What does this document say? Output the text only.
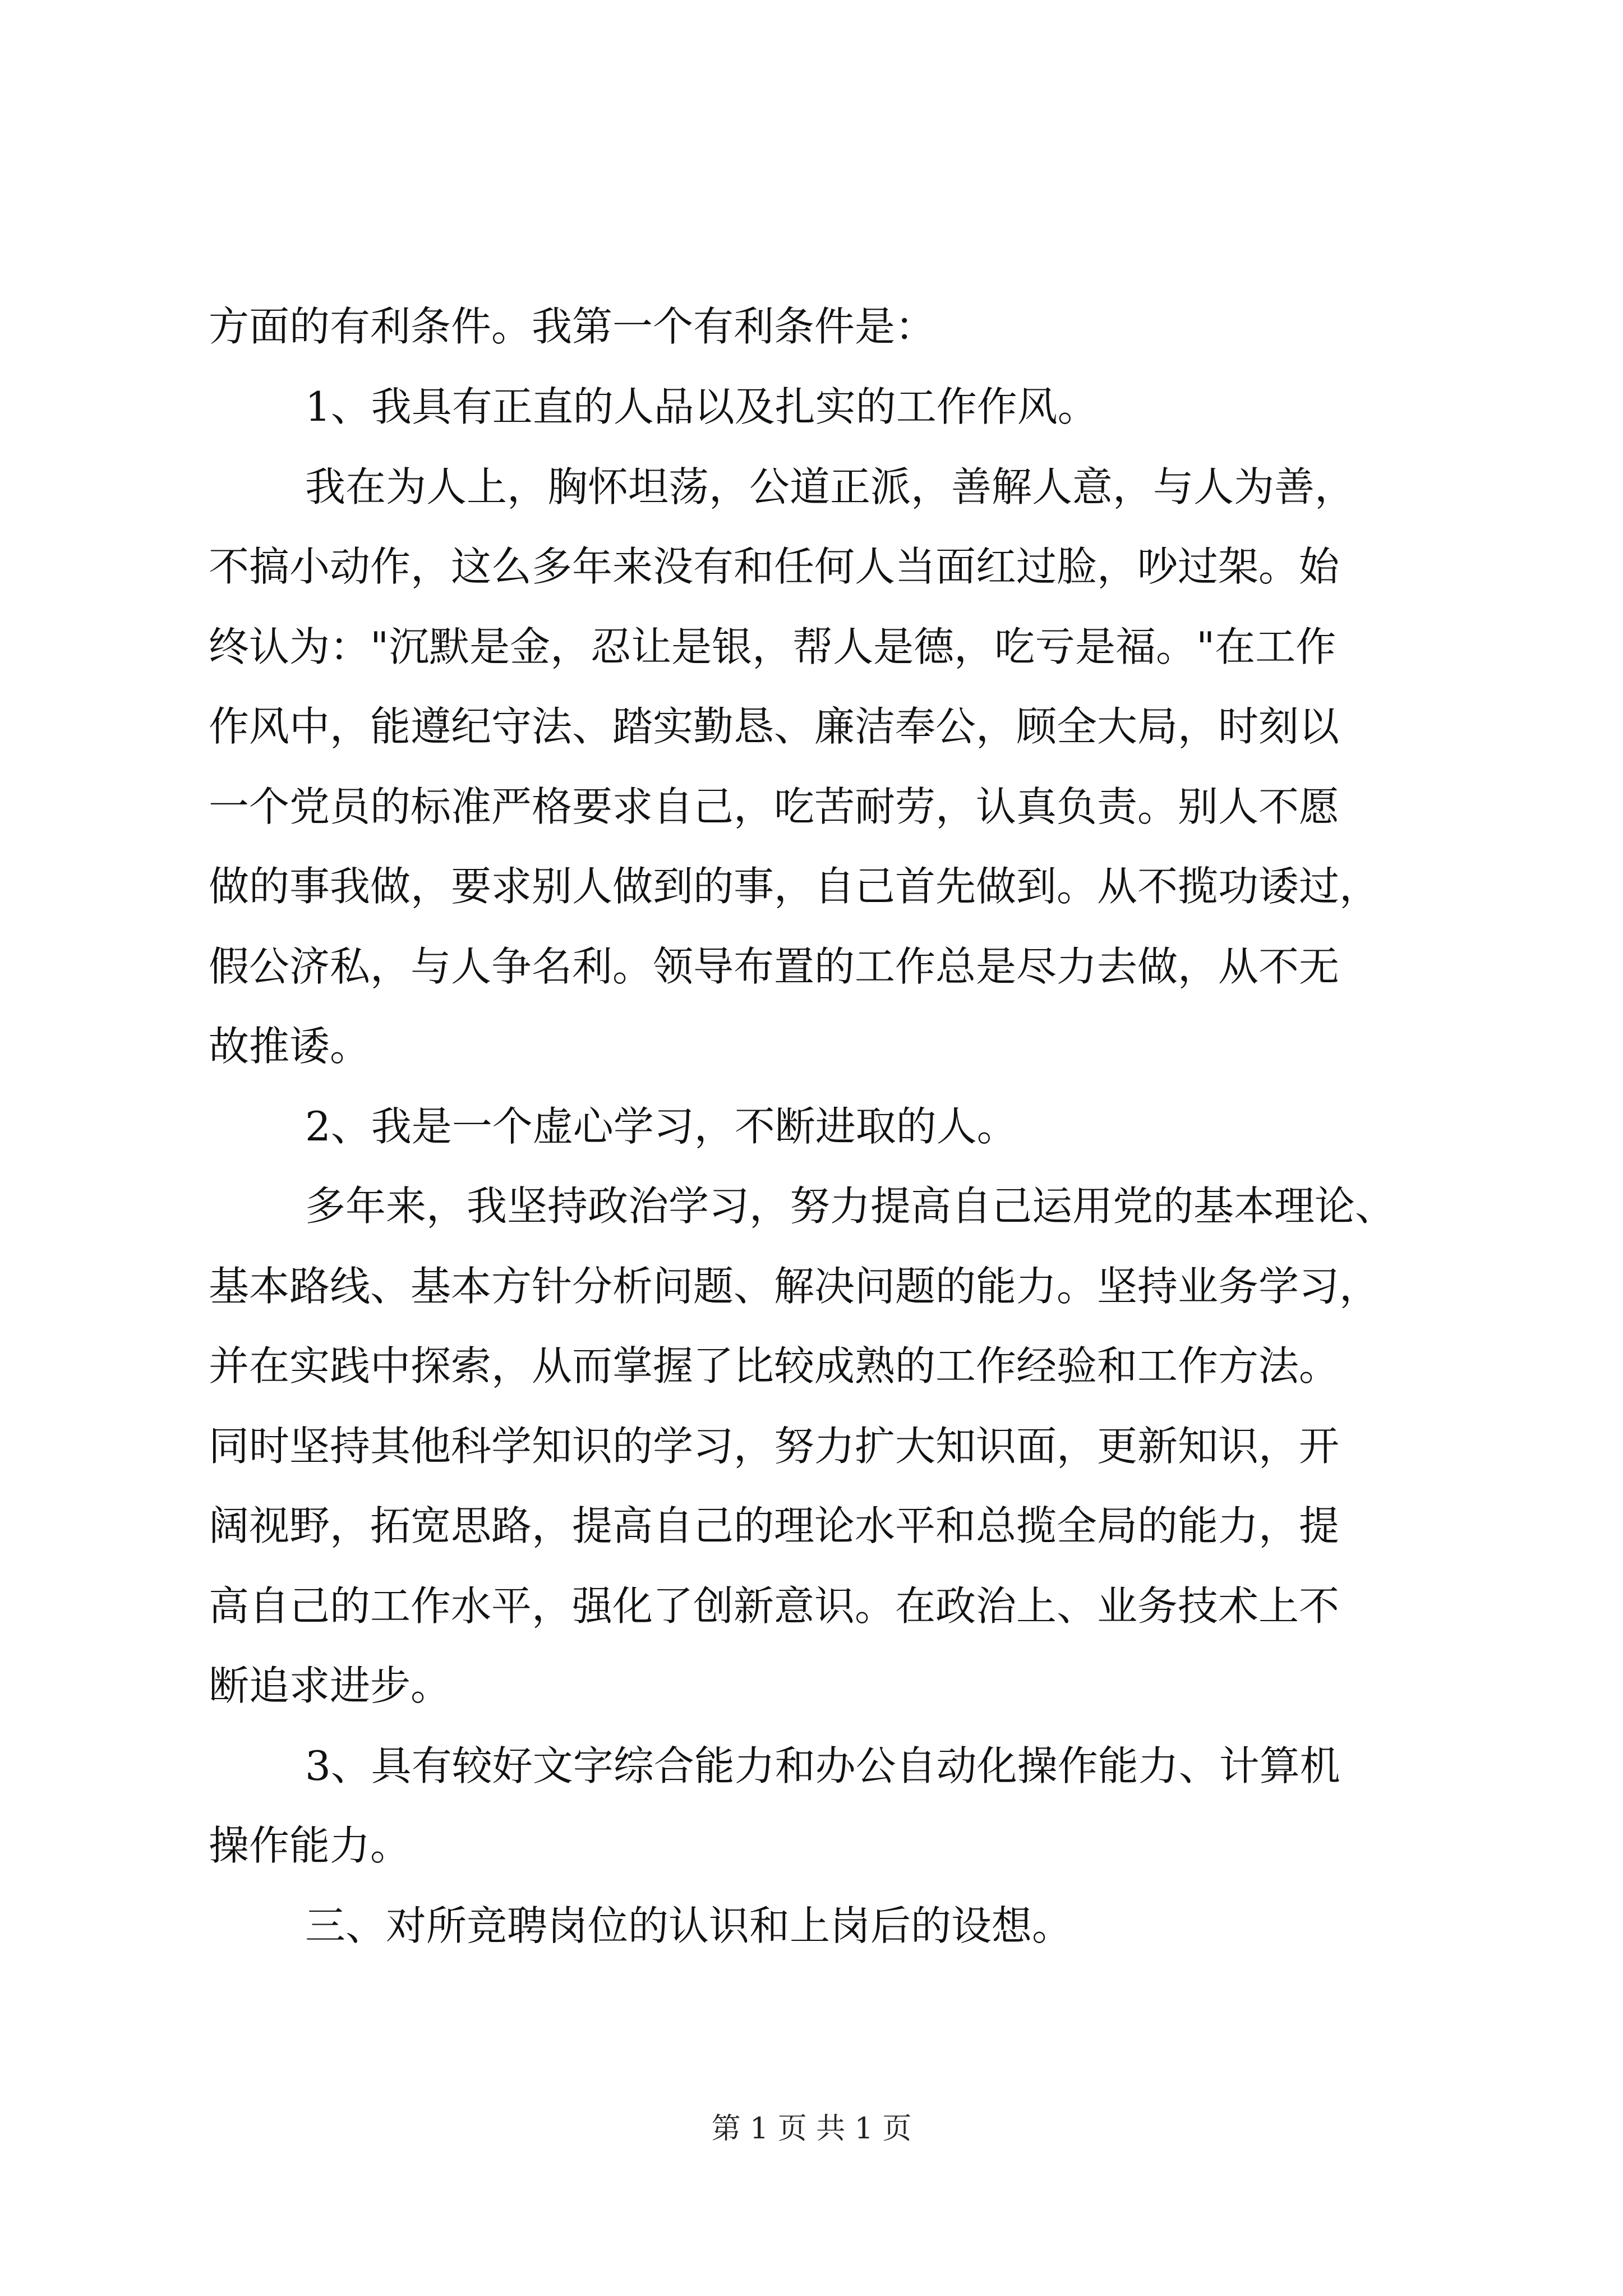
方面的有利条件。我第一个有利条件是：
1、我具有正直的人品以及扎实的工作作风。
我在为人上，胸怀坦荡，公道正派，善解人意，与人为善，
不搞小动作，这么多年来没有和任何人当面红过脸，吵过架。始
终认为："沉默是金，忍让是银，帮人是德，吃亏是福。"在工作
作风中，能遵纪守法、踏实勤恳、廉洁奉公，顾全大局，时刻以
一个党员的标准严格要求自己，吃苦耐劳，认真负责。别人不愿
做的事我做，要求别人做到的事，自己首先做到。从不揽功诿过，
假公济私，与人争名利。领导布置的工作总是尽力去做，从不无
故推诿。
2、我是一个虚心学习，不断进取的人。
多年来，我坚持政治学习，努力提高自己运用党的基本理论、
基本路线、基本方针分析问题、解决问题的能力。坚持业务学习，
并在实践中探索，从而掌握了比较成熟的工作经验和工作方法。
同时坚持其他科学知识的学习，努力扩大知识面，更新知识，开
阔视野，拓宽思路，提高自己的理论水平和总揽全局的能力，提
高自己的工作水平，强化了创新意识。在政治上、业务技术上不
断追求进步。
3、具有较好文字综合能力和办公自动化操作能力、计算机
操作能力。
三、对所竞聘岗位的认识和上岗后的设想。
第 1 页 共 1 页
